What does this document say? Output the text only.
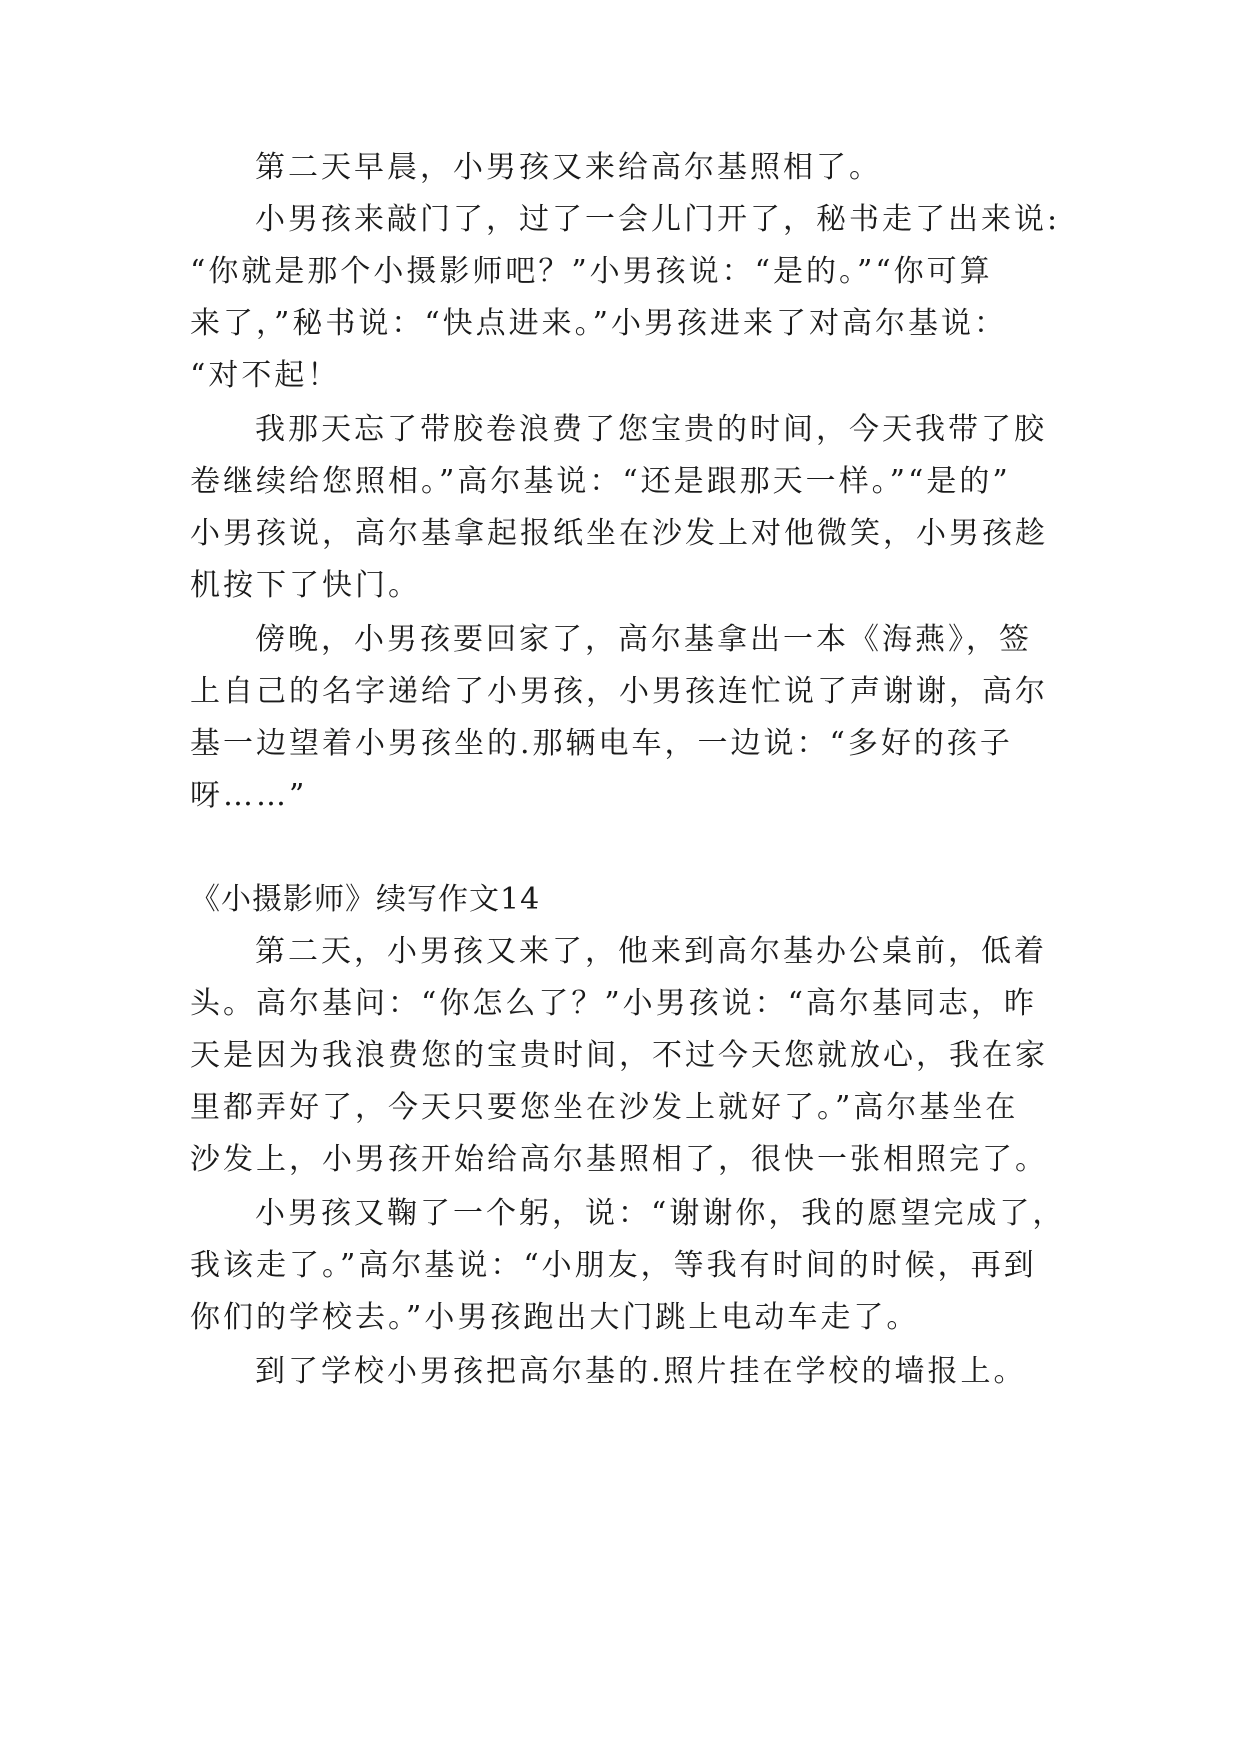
第二天早晨，小男孩又来给高尔基照相了。
小男孩来敲门了，过了一会儿门开了，秘书走了出来说:
“你就是那个小摄影师吧？”小男孩说：“是的。”“你可算
来了，”秘书说：“快点进来。”小男孩进来了对高尔基说：
“对不起！
我那天忘了带胶卷浪费了您宝贵的时间，今天我带了胶
卷继续给您照相。”高尔基说：“还是跟那天一样。”“是的”
小男孩说，高尔基拿起报纸坐在沙发上对他微笑，小男孩趁
机按下了快门。
傍晚，小男孩要回家了，高尔基拿出一本《海燕》，签
上自己的名字递给了小男孩，小男孩连忙说了声谢谢，高尔
基一边望着小男孩坐的.那辆电车，一边说：“多好的孩子
呀……”
《小摄影师》续写作文14
第二天，小男孩又来了，他来到高尔基办公桌前，低着
头。高尔基问：“你怎么了？”小男孩说：“高尔基同志，昨
天是因为我浪费您的宝贵时间，不过今天您就放心，我在家
里都弄好了，今天只要您坐在沙发上就好了。”高尔基坐在
沙发上，小男孩开始给高尔基照相了，很快一张相照完了。
小男孩又鞠了一个躬，说：“谢谢你，我的愿望完成了，
我该走了。”高尔基说：“小朋友，等我有时间的时候，再到
你们的学校去。”小男孩跑出大门跳上电动车走了。
到了学校小男孩把高尔基的.照片挂在学校的墙报上。
